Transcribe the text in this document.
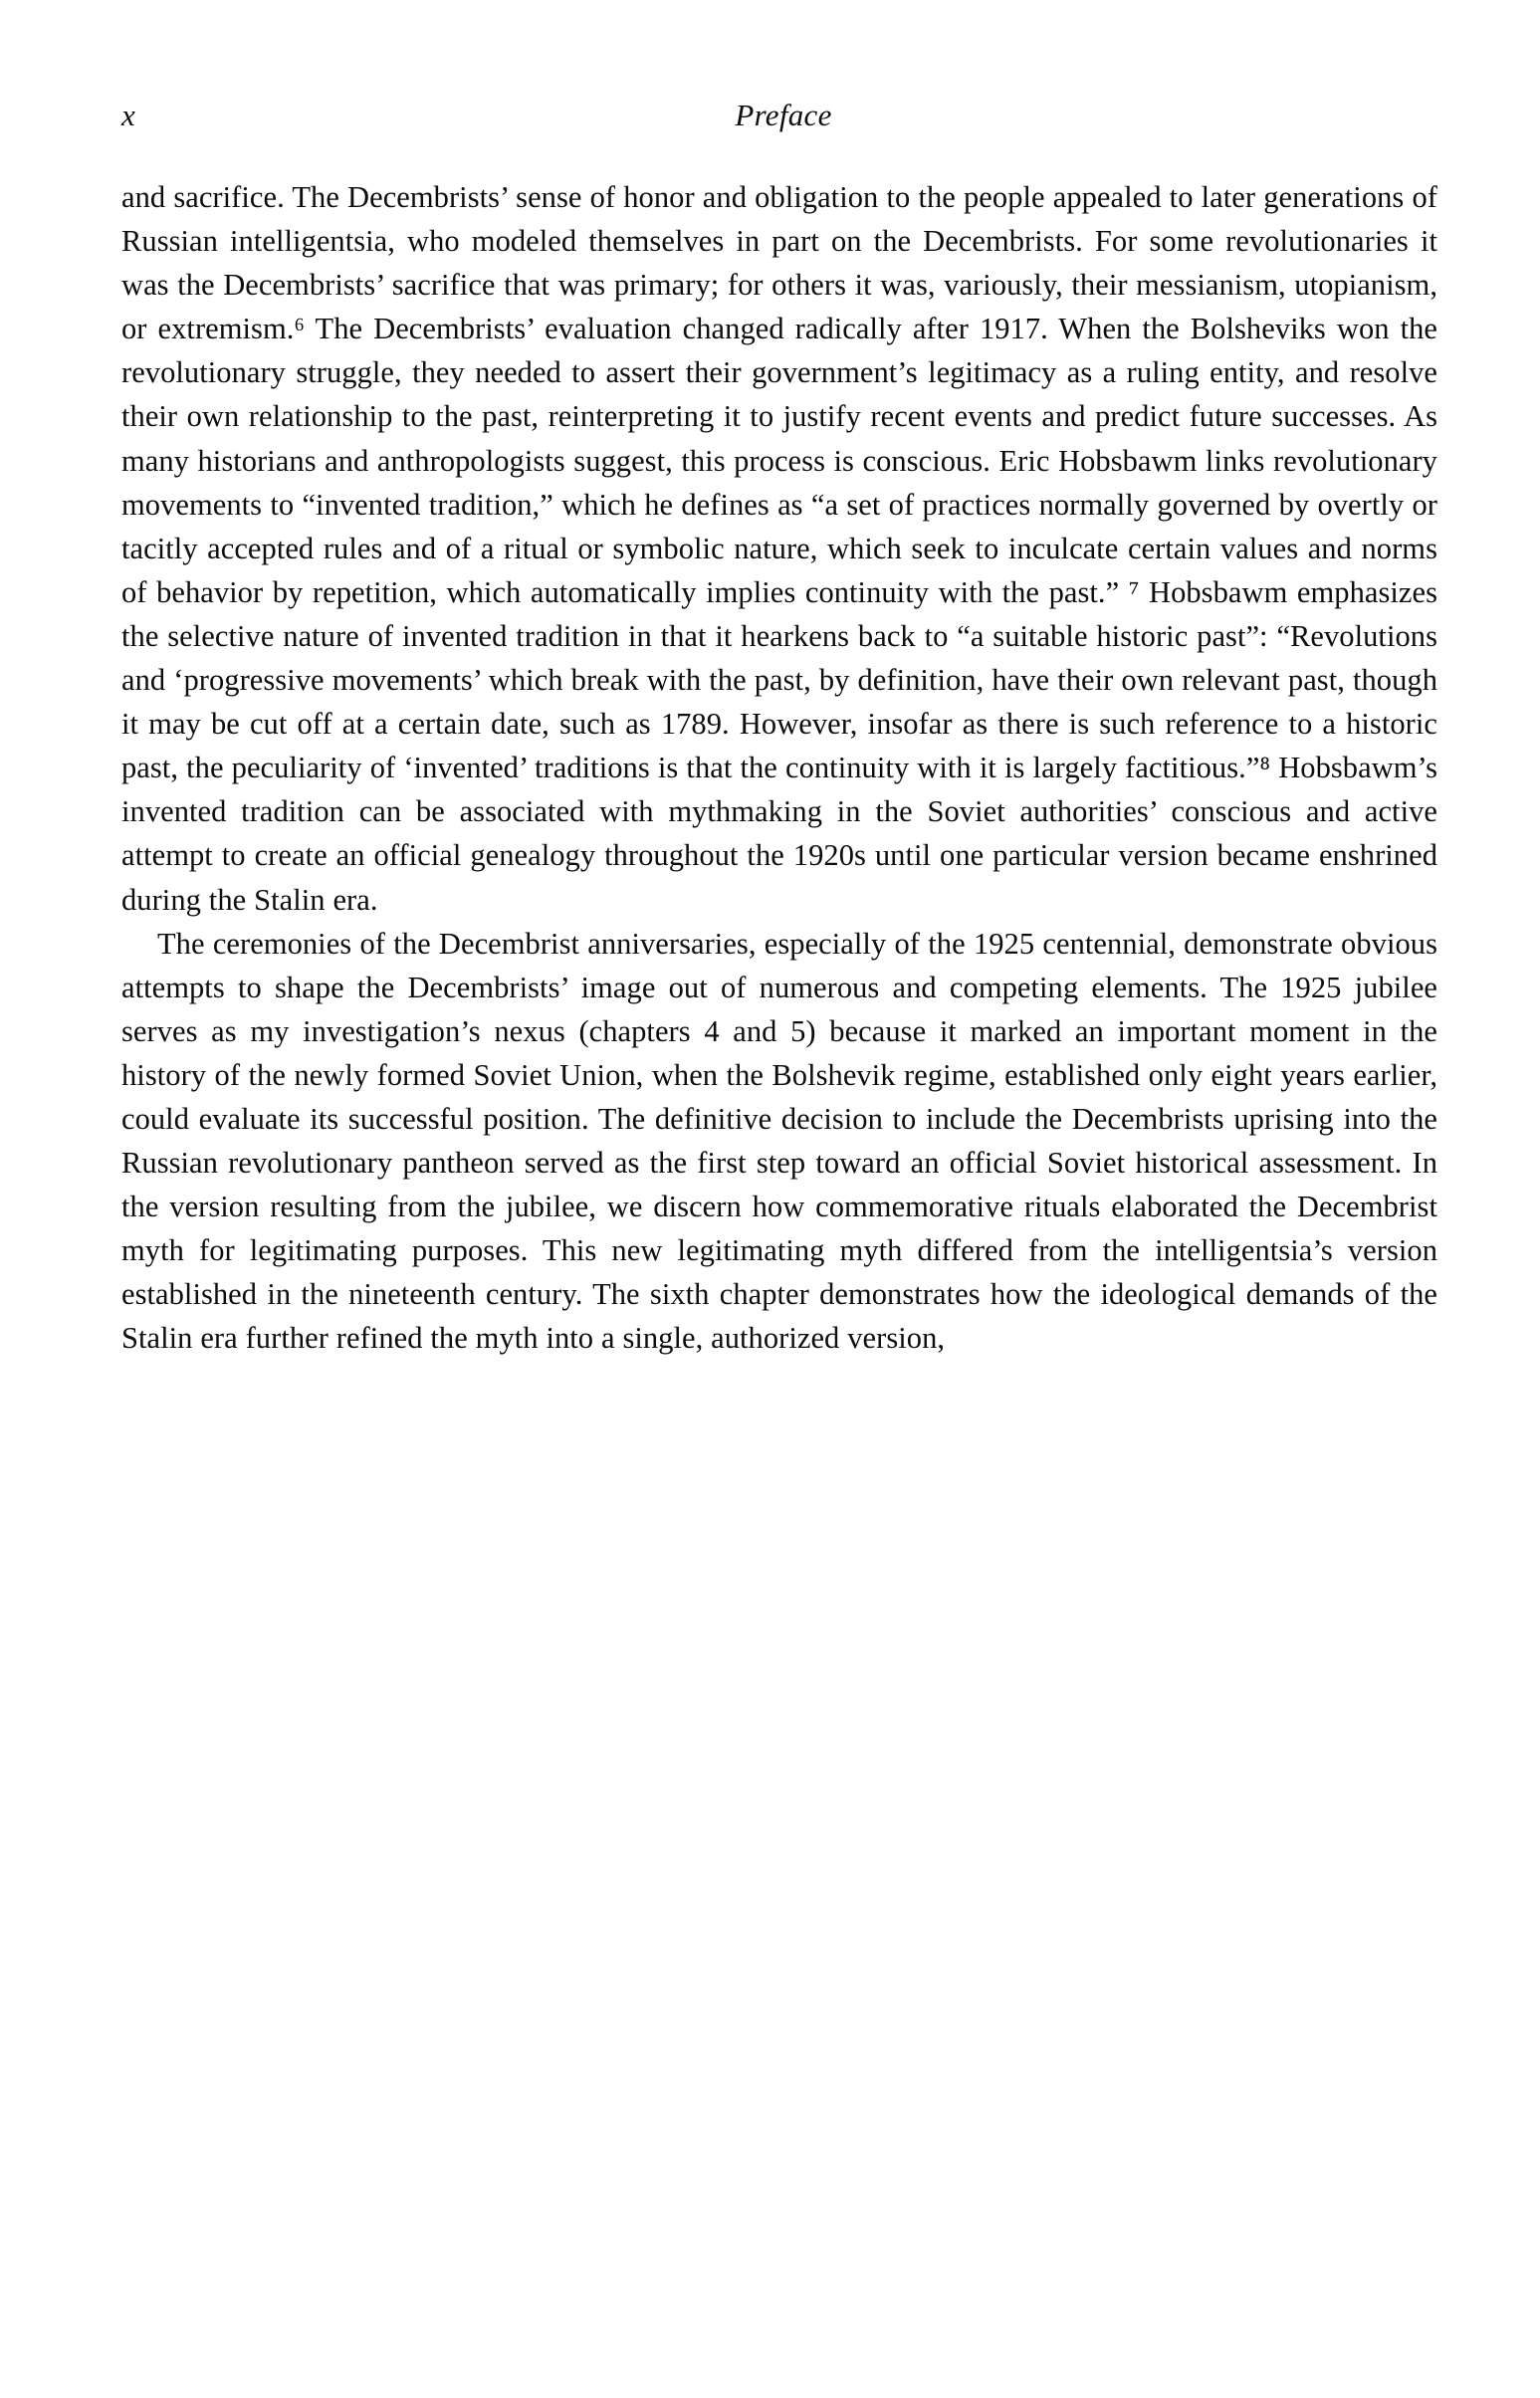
x	Preface

and sacrifice. The Decembrists’ sense of honor and obligation to the people appealed to later generations of Russian intelligentsia, who modeled themselves in part on the Decembrists. For some revolutionaries it was the Decembrists’ sacrifice that was primary; for others it was, variously, their messianism, utopianism, or extremism.⁶ The Decembrists’ evaluation changed radically after 1917. When the Bolsheviks won the revolutionary struggle, they needed to assert their government’s legitimacy as a ruling entity, and resolve their own relationship to the past, reinterpreting it to justify recent events and predict future successes. As many historians and anthropologists suggest, this process is conscious. Eric Hobsbawm links revolutionary movements to “invented tradition,” which he defines as “a set of practices normally governed by overtly or tacitly accepted rules and of a ritual or symbolic nature, which seek to inculcate certain values and norms of behavior by repetition, which automatically implies continuity with the past.” ⁷ Hobsbawm emphasizes the selective nature of invented tradition in that it hearkens back to “a suitable historic past”: “Revolutions and ‘progressive movements’ which break with the past, by definition, have their own relevant past, though it may be cut off at a certain date, such as 1789. However, insofar as there is such reference to a historic past, the peculiarity of ‘invented’ traditions is that the continuity with it is largely factitious.”⁸ Hobsbawm’s invented tradition can be associated with mythmaking in the Soviet authorities’ conscious and active attempt to create an official genealogy throughout the 1920s until one particular version became enshrined during the Stalin era.

The ceremonies of the Decembrist anniversaries, especially of the 1925 centennial, demonstrate obvious attempts to shape the Decembrists’ image out of numerous and competing elements. The 1925 jubilee serves as my investigation’s nexus (chapters 4 and 5) because it marked an important moment in the history of the newly formed Soviet Union, when the Bolshevik regime, established only eight years earlier, could evaluate its successful position. The definitive decision to include the Decembrists uprising into the Russian revolutionary pantheon served as the first step toward an official Soviet historical assessment. In the version resulting from the jubilee, we discern how commemorative rituals elaborated the Decembrist myth for legitimating purposes. This new legitimating myth differed from the intelligentsia’s version established in the nineteenth century. The sixth chapter demonstrates how the ideological demands of the Stalin era further refined the myth into a single, authorized version,
